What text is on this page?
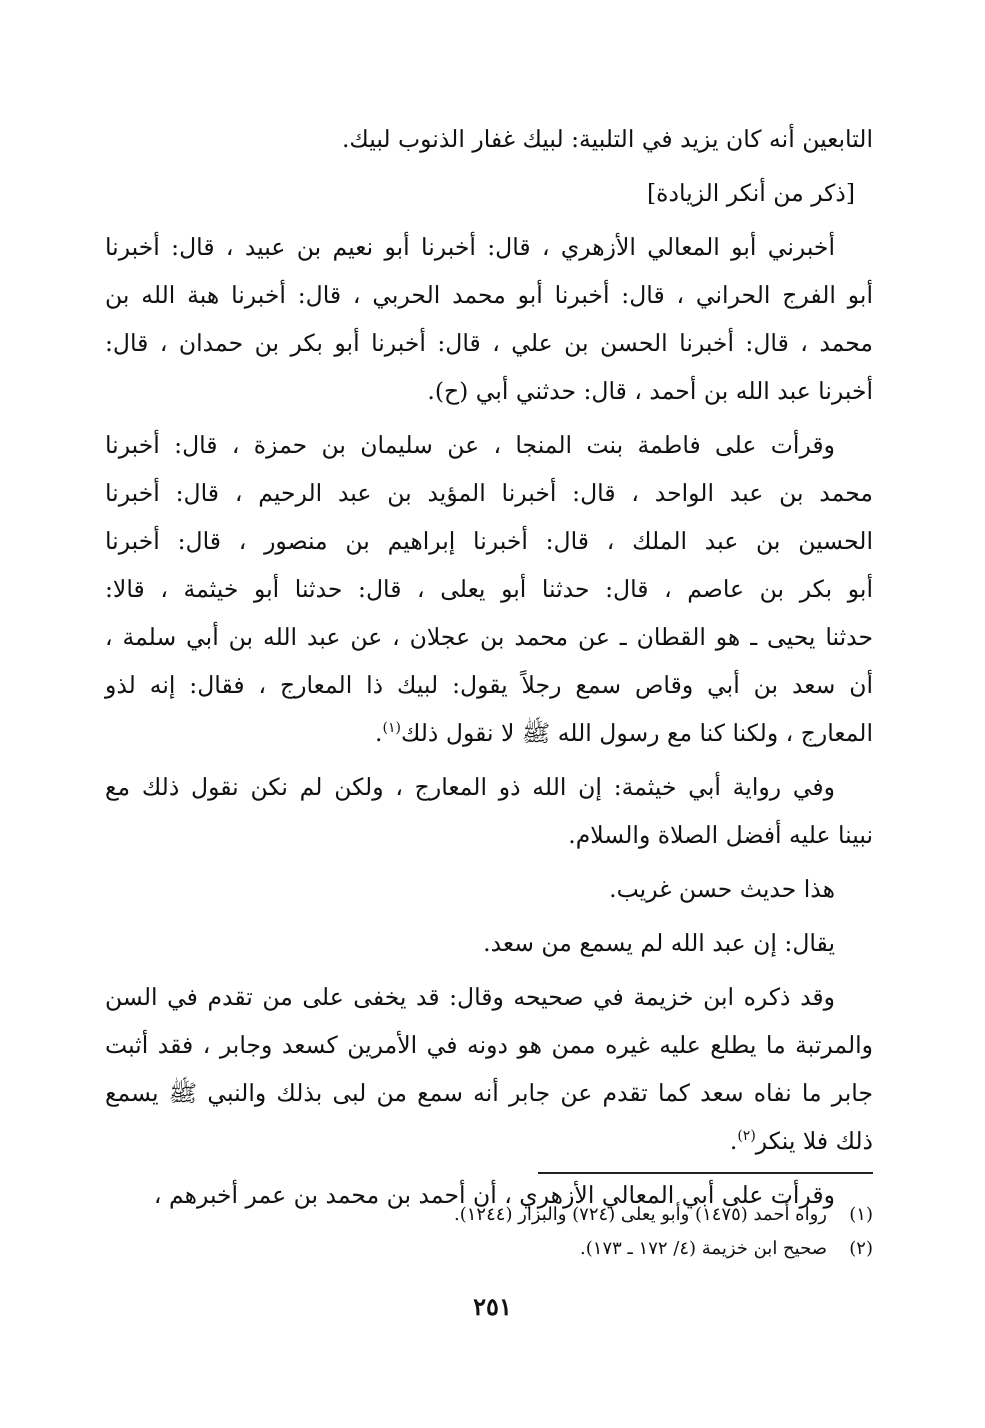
التابعين أنه كان يزيد في التلبية: لبيك غفار الذنوب لبيك.
[ذكر من أنكر الزيادة]
أخبرني أبو المعالي الأزهري ، قال: أخبرنا أبو نعيم بن عبيد ، قال: أخبرنا
أبو الفرج الحراني ، قال: أخبرنا أبو محمد الحربي ، قال: أخبرنا هبة الله بن
محمد ، قال: أخبرنا الحسن بن علي ، قال: أخبرنا أبو بكر بن حمدان ، قال:
أخبرنا عبد الله بن أحمد ، قال: حدثني أبي (ح).
وقرأت على فاطمة بنت المنجا ، عن سليمان بن حمزة ، قال: أخبرنا
محمد بن عبد الواحد ، قال: أخبرنا المؤيد بن عبد الرحيم ، قال: أخبرنا
الحسين بن عبد الملك ، قال: أخبرنا إبراهيم بن منصور ، قال: أخبرنا
أبو بكر بن عاصم ، قال: حدثنا أبو يعلى ، قال: حدثنا أبو خيثمة ، قالا:
حدثنا يحيى ـ هو القطان ـ عن محمد بن عجلان ، عن عبد الله بن أبي سلمة ،
أن سعد بن أبي وقاص سمع رجلاً يقول: لبيك ذا المعارج ، فقال: إنه لذو
المعارج ، ولكنا كنا مع رسول الله ﷺ لا نقول ذلك$^{(١)}$.
وفي رواية أبي خيثمة: إن الله ذو المعارج ، ولكن لم نكن نقول ذلك مع
نبينا عليه أفضل الصلاة والسلام.
هذا حديث حسن غريب.
يقال: إن عبد الله لم يسمع من سعد.
وقد ذكره ابن خزيمة في صحيحه وقال: قد يخفى على من تقدم في السن
والمرتبة ما يطلع عليه غيره ممن هو دونه في الأمرين كسعد وجابر ، فقد أثبت
جابر ما نفاه سعد كما تقدم عن جابر أنه سمع من لبى بذلك والنبي ﷺ يسمع
ذلك فلا ينكر$^{(٢)}$.
وقرأت على أبي المعالي الأزهري ، أن أحمد بن محمد بن عمر أخبرهم ،
(١)رواه أحمد (١٤٧٥) وأبو يعلى (٧٢٤) والبزار (١٢٤٤).
(٢)صحيح ابن خزيمة (٤/ ١٧٢ ـ ١٧٣).
٢٥١
